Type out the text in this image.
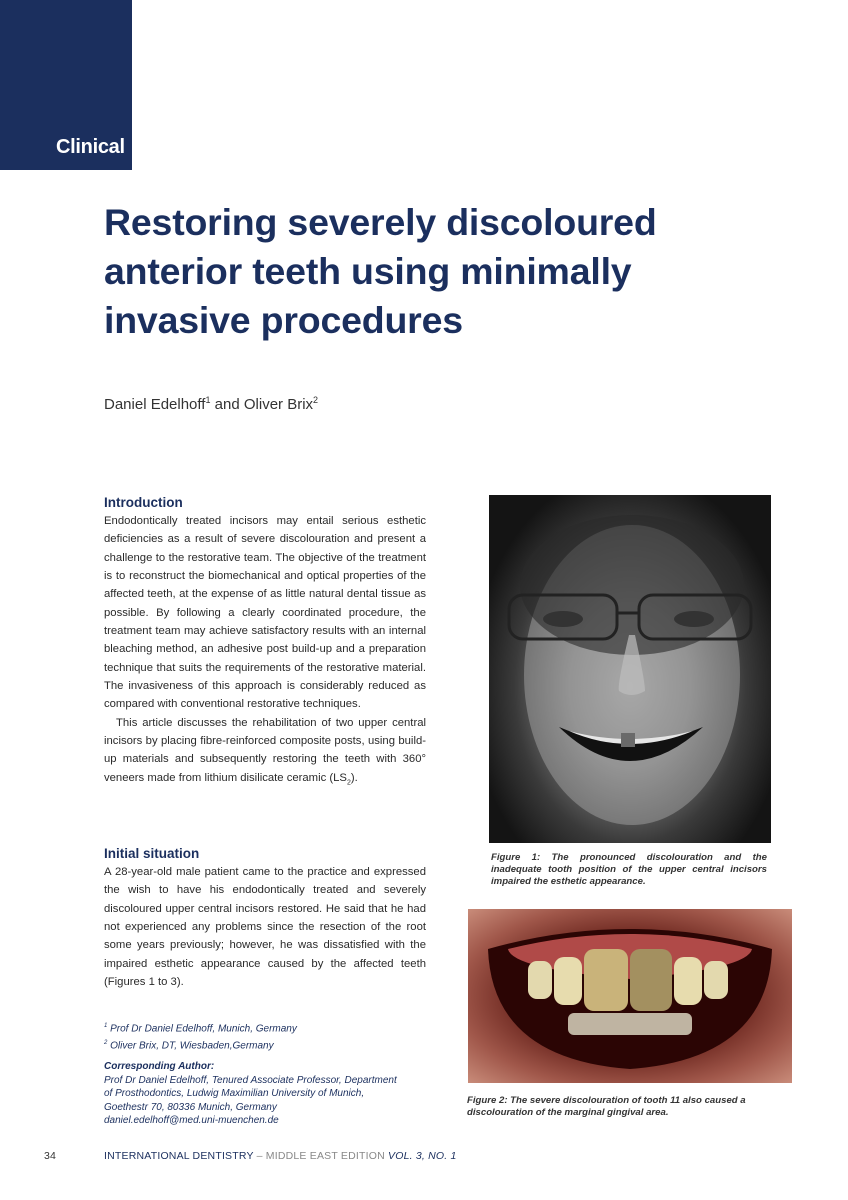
Clinical
Restoring severely discoloured anterior teeth using minimally invasive procedures
Daniel Edelhoff$^1$ and Oliver Brix$^2$
Introduction

Endodontically treated incisors may entail serious esthetic deficiencies as a result of severe discolouration and present a challenge to the restorative team. The objective of the treatment is to reconstruct the biomechanical and optical properties of the affected teeth, at the expense of as little natural dental tissue as possible. By following a clearly coordinated procedure, the treatment team may achieve satisfactory results with an internal bleaching method, an adhesive post build-up and a preparation technique that suits the requirements of the restorative material. The invasiveness of this approach is considerably reduced as compared with conventional restorative techniques.

This article discusses the rehabilitation of two upper central incisors by placing fibre-reinforced composite posts, using build-up materials and subsequently restoring the teeth with 360° veneers made from lithium disilicate ceramic $(LS_2)$.

Initial situation

A 28-year-old male patient came to the practice and expressed the wish to have his endodontically treated and severely discoloured upper central incisors restored. He said that he had not experienced any problems since the resection of the root some years previously; however, he was dissatisfied with the impaired esthetic appearance caused by the affected teeth (Figures 1 to 3).

$^1$ Prof Dr Daniel Edelhoff, Munich, Germany
$^2$ Oliver Brix, DT, Wiesbaden,Germany
Corresponding Author:
Prof Dr Daniel Edelhoff, Tenured Associate Professor, Department
of Prosthodontics, Ludwig Maximilian University of Munich,
Goethestr 70, 80336 Munich, Germany
daniel.edelhoff@med.uni-muenchen.de
Figure 1: The pronounced discolouration and the inadequate tooth position of the upper central incisors impaired the esthetic appearance.
Figure 2: The severe discolouration of tooth 11 also caused a discolouration of the marginal gingival area.
34	INTERNATIONAL DENTISTRY – MIDDLE EAST EDITION VOL. 3, NO. 1
